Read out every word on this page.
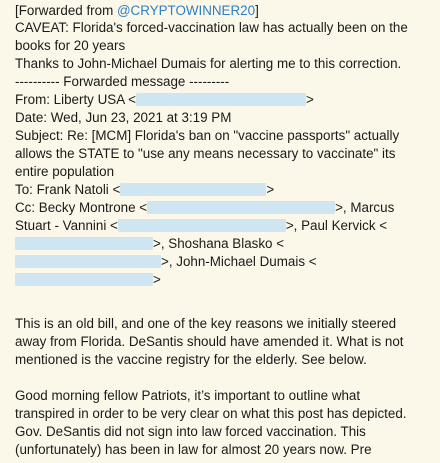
[Forwarded from @CRYPTOWINNER20]
CAVEAT: Florida's forced-vaccination law has actually been on the
books for 20 years
Thanks to John-Michael Dumais for alerting me to this correction.
---------- Forwarded message ---------
From: Liberty USA <	>
Date: Wed, Jun 23, 2021 at 3:19 PM
Subject: Re: [MCM] Florida's ban on "vaccine passports" actually
allows the STATE to "use any means necessary to vaccinate" its
entire population
To: Frank Natoli <	>
Cc: Becky Montrone <	>, Marcus
Stuart - Vannini <	>, Paul Kervick <
>, Shoshana Blasko <
>, John-Michael Dumais <
>
This is an old bill, and one of the key reasons we initially steered
away from Florida. DeSantis should have amended it. What is not
mentioned is the vaccine registry for the elderly. See below.
Good morning fellow Patriots, it’s important to outline what
transpired in order to be very clear on what this post has depicted.
Gov. DeSantis did not sign into law forced vaccination. This
(unfortunately) has been in law for almost 20 years now. Pre
